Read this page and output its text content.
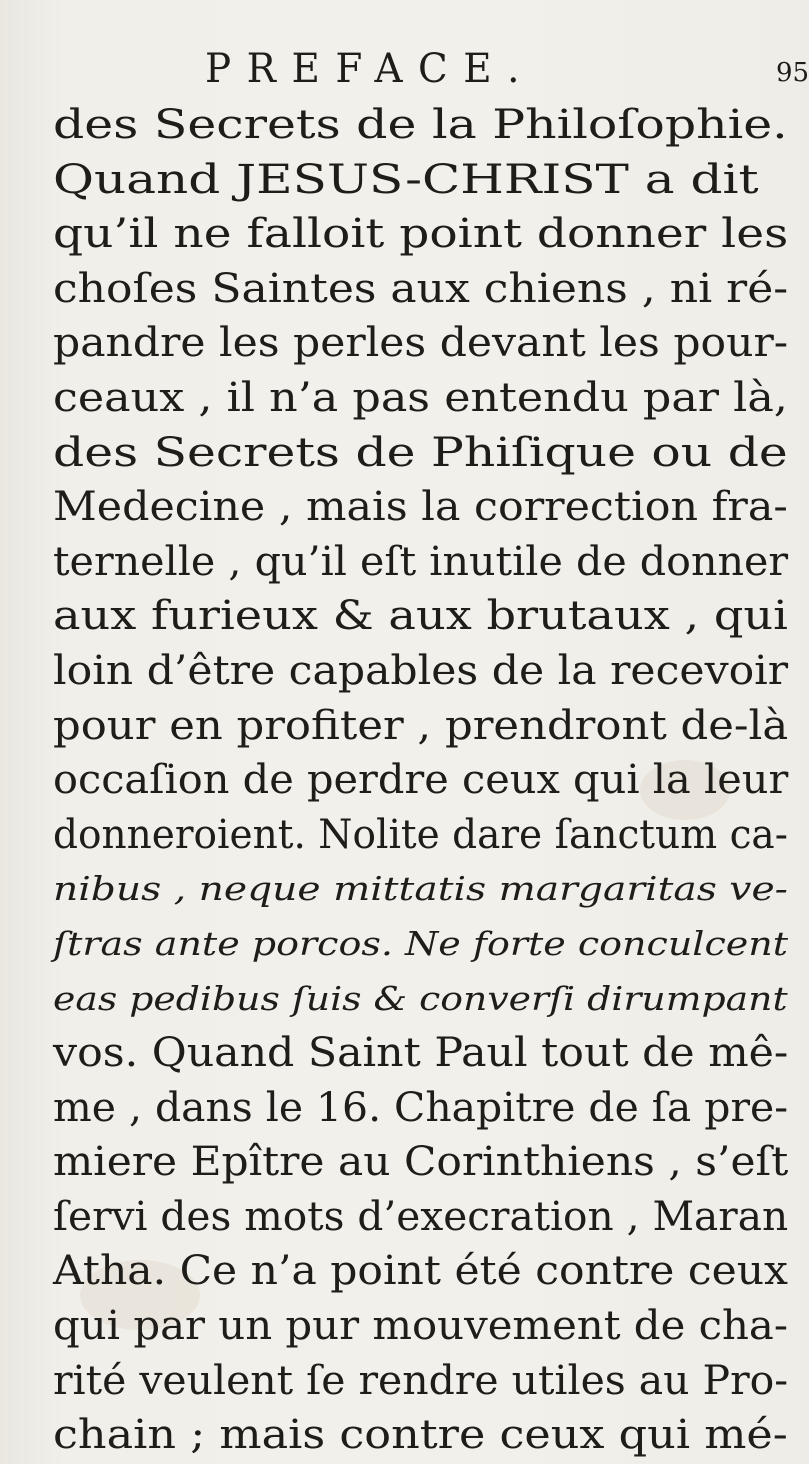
PREFACE.	95
des Secrets de la Philoſophie.
Quand JESUS-CHRIST a dit
qu’il ne falloit point donner les
choſes Saintes aux chiens , ni ré-
pandre les perles devant les pour-
ceaux , il n’a pas entendu par là,
des Secrets de Phiſique ou de
Medecine , mais la correction fra-
ternelle , qu’il eſt inutile de donner
aux furieux & aux brutaux , qui
loin d’être capables de la recevoir
pour en profiter , prendront de-là
occaſion de perdre ceux qui la leur
donneroient. Nolite dare ſanctum ca-
nibus , neque mittatis margaritas ve-
ſtras ante porcos. Ne forte conculcent
eas pedibus ſuis & converſi dirumpant
vos. Quand Saint Paul tout de mê-
me , dans le 16. Chapitre de ſa pre-
miere Epître au Corinthiens , s’eſt
ſervi des mots d’execration , Maran
Atha. Ce n’a point été contre ceux
qui par un pur mouvement de cha-
rité veulent ſe rendre utiles au Pro-
chain ; mais contre ceux qui mé-
